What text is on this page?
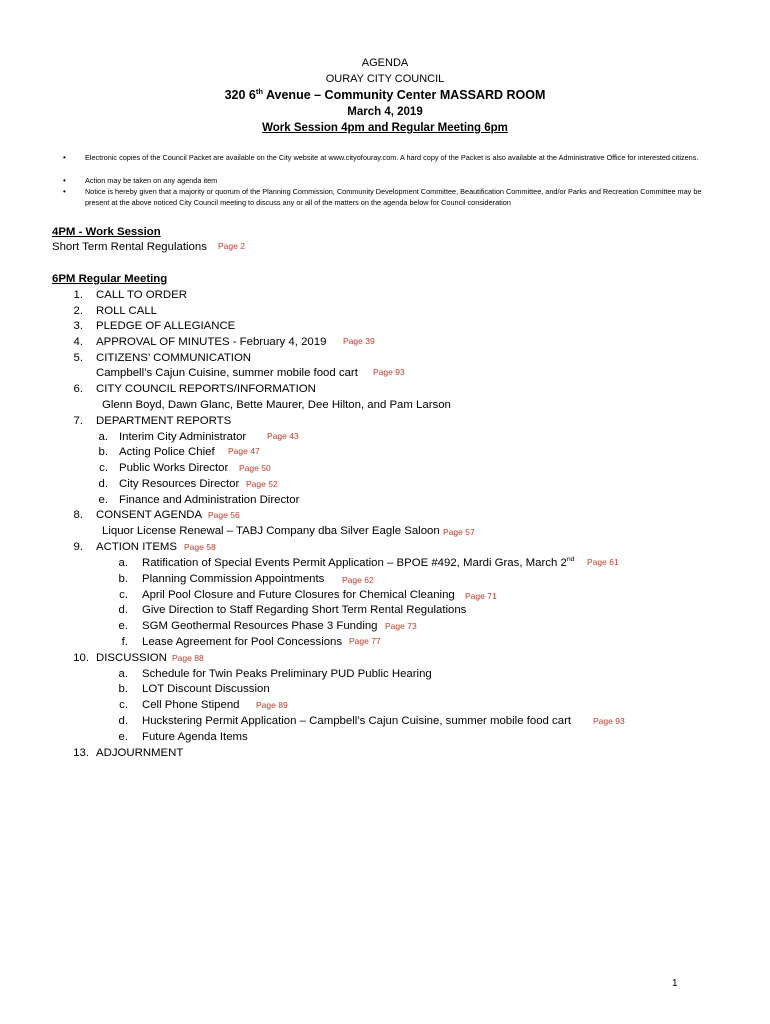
AGENDA
OURAY CITY COUNCIL
320 6th Avenue – Community Center MASSARD ROOM
March 4, 2019
Work Session 4pm and Regular Meeting 6pm
•	Electronic copies of the Council Packet are available on the City website at www.cityofouray.com. A hard copy of the Packet is also available at the Administrative Office for interested citizens.
•	Action may be taken on any agenda item
•	Notice is hereby given that a majority or quorum of the Planning Commission, Community Development Committee, Beautification Committee, and/or Parks and Recreation Committee may be present at the above noticed City Council meeting to discuss any or all of the matters on the agenda below for Council consideration
4PM - Work Session
Short Term Rental Regulations Page 2
6PM Regular Meeting
1. CALL TO ORDER
2. ROLL CALL
3. PLEDGE OF ALLEGIANCE
4. APPROVAL OF MINUTES - February 4, 2019 Page 39
5. CITIZENS’ COMMUNICATION
Campbell’s Cajun Cuisine, summer mobile food cart Page 93
6. CITY COUNCIL REPORTS/INFORMATION
Glenn Boyd, Dawn Glanc, Bette Maurer, Dee Hilton, and Pam Larson
7. DEPARTMENT REPORTS
a. Interim City Administrator Page 43
b. Acting Police Chief Page 47
c. Public Works Director Page 50
d. City Resources Director Page 52
e. Finance and Administration Director
8. CONSENT AGENDA Page 56
Liquor License Renewal – TABJ Company dba Silver Eagle Saloon Page 57
9. ACTION ITEMS Page 58
a. Ratification of Special Events Permit Application – BPOE #492, Mardi Gras, March 2nd Page 61
b. Planning Commission Appointments Page 62
c. April Pool Closure and Future Closures for Chemical Cleaning Page 71
d. Give Direction to Staff Regarding Short Term Rental Regulations
e. SGM Geothermal Resources Phase 3 Funding Page 73
f. Lease Agreement for Pool Concessions Page 77
10. DISCUSSION Page 88
a. Schedule for Twin Peaks Preliminary PUD Public Hearing
b. LOT Discount Discussion
c. Cell Phone Stipend Page 89
d. Huckstering Permit Application – Campbell’s Cajun Cuisine, summer mobile food cart	Page 93
e. Future Agenda Items
13. ADJOURNMENT
1
